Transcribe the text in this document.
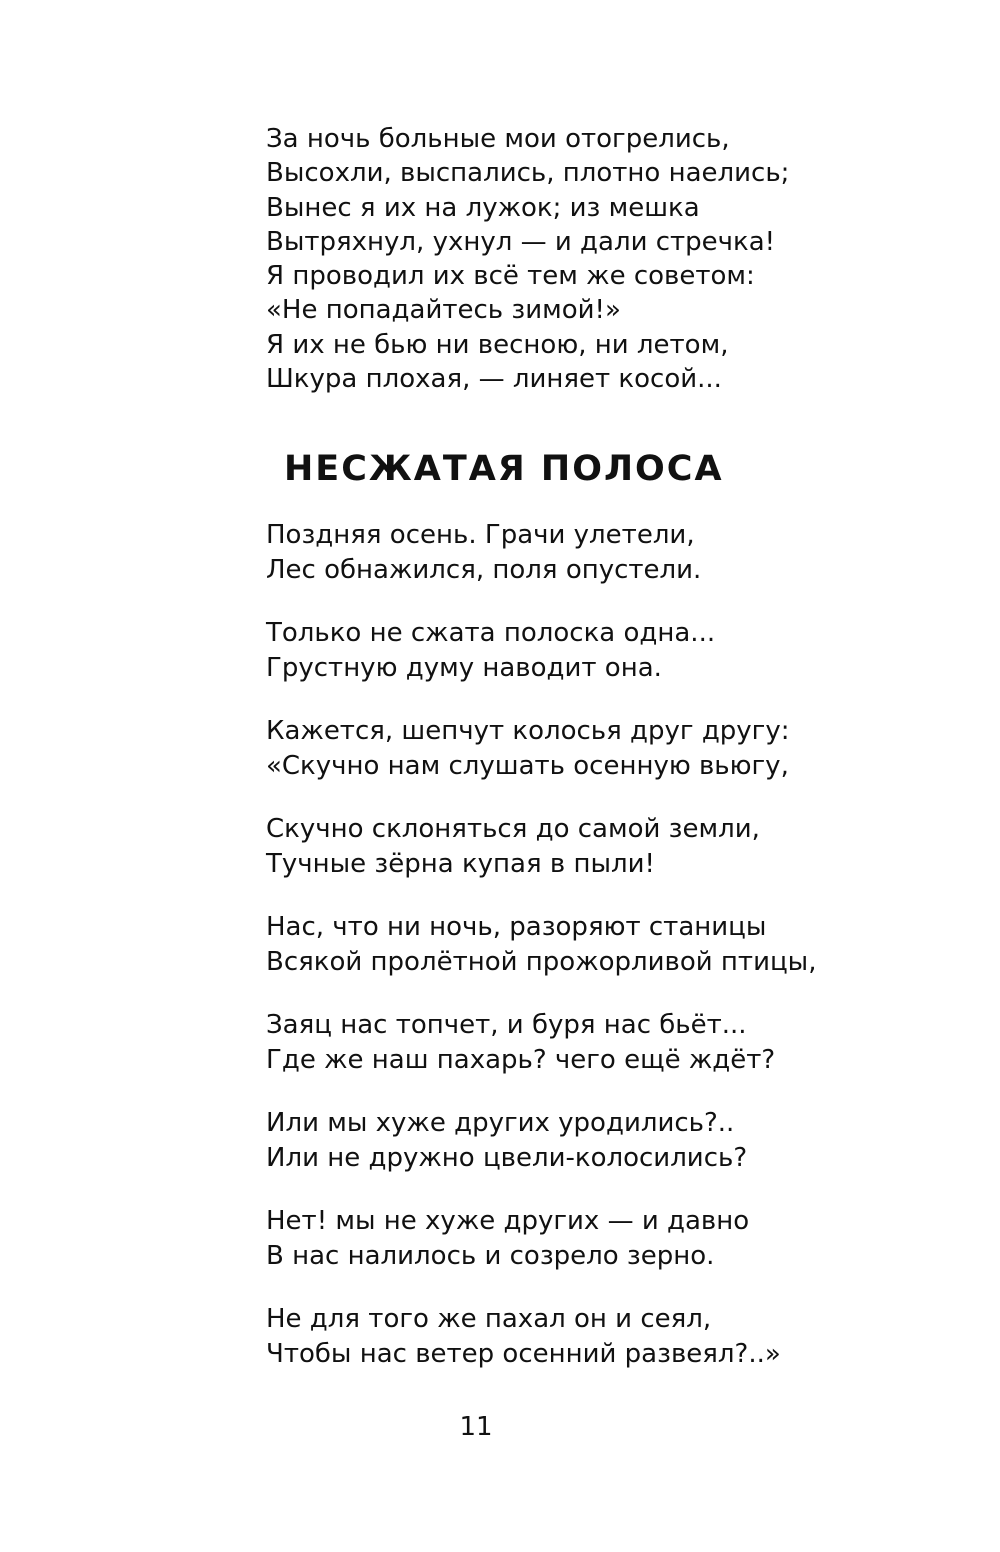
За ночь больные мои отогрелись,
Высохли, выспались, плотно наелись;
Вынес я их на лужок; из мешка
Вытряхнул, ухнул — и дали стречка!
Я проводил их всё тем же советом:
«Не попадайтесь зимой!»
Я их не бью ни весною, ни летом,
Шкура плохая, — линяет косой...
НЕСЖАТАЯ ПОЛОСА
Поздняя осень. Грачи улетели,
Лес обнажился, поля опустели.
Только не сжата полоска одна...
Грустную думу наводит она.
Кажется, шепчут колосья друг другу:
«Скучно нам слушать осенную вьюгу,
Скучно склоняться до самой земли,
Тучные зёрна купая в пыли!
Нас, что ни ночь, разоряют станицы
Всякой пролётной прожорливой птицы,
Заяц нас топчет, и буря нас бьёт...
Где же наш пахарь? чего ещё ждёт?
Или мы хуже других уродились?..
Или не дружно цвели-колосились?
Нет! мы не хуже других — и давно
В нас налилось и созрело зерно.
Не для того же пахал он и сеял,
Чтобы нас ветер осенний развеял?..»
11
